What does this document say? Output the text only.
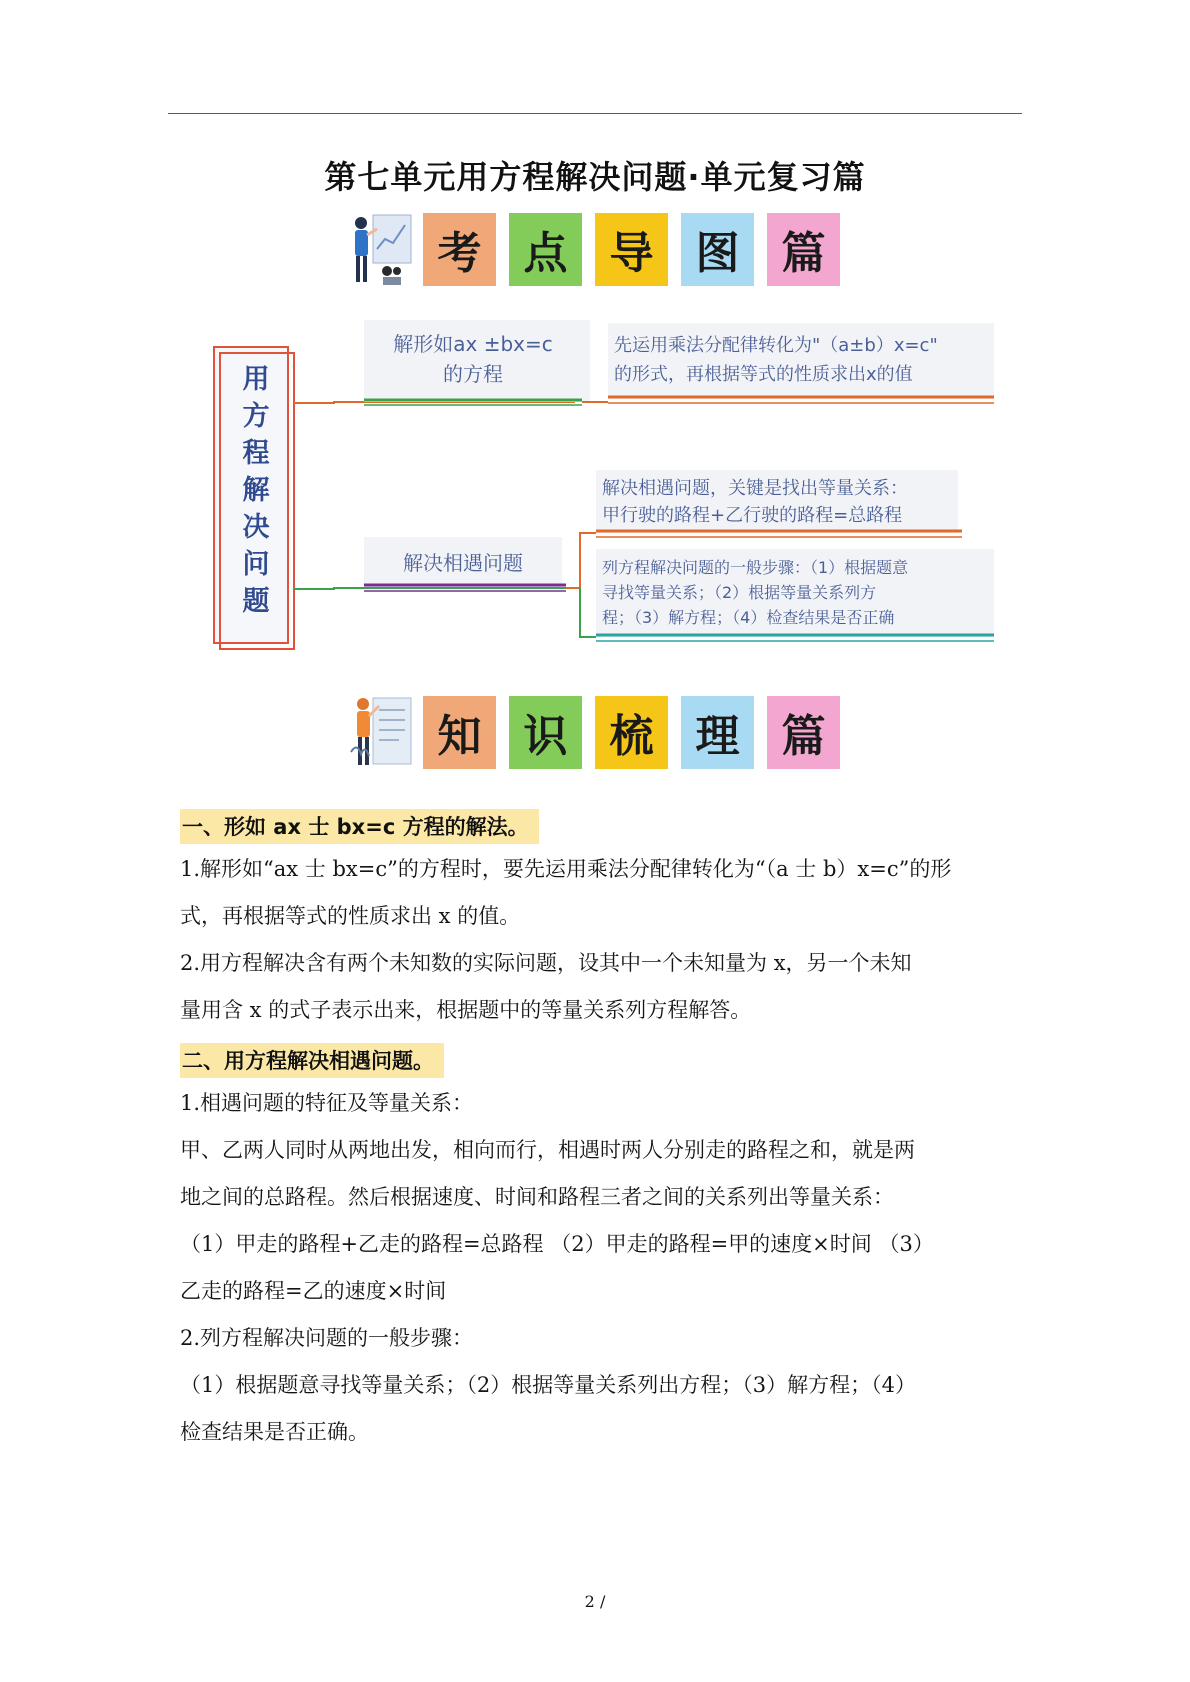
第七单元用方程解决问题·单元复习篇
考 点 导 图 篇
用
方
程
解
决
问
题
解形如ax ±bx=c
的方程
先运用乘法分配律转化为"（a±b）x=c"
的形式，再根据等式的性质求出x的值
解决相遇问题
解决相遇问题，关键是找出等量关系：
甲行驶的路程+乙行驶的路程=总路程
列方程解决问题的一般步骤：（1）根据题意
寻找等量关系；（2）根据等量关系列方
程；（3）解方程；（4）检查结果是否正确
知 识 梳 理 篇
一、形如 ax 士 bx=c 方程的解法。
1.解形如“ax 士 bx=c”的方程时，要先运用乘法分配律转化为“（a 士 b）x=c”的形
式，再根据等式的性质求出 x 的值。
2.用方程解决含有两个未知数的实际问题，设其中一个未知量为 x，另一个未知
量用含 x 的式子表示出来，根据题中的等量关系列方程解答。
二、用方程解决相遇问题。
1.相遇问题的特征及等量关系：
甲、乙两人同时从两地出发，相向而行，相遇时两人分别走的路程之和，就是两
地之间的总路程。然后根据速度、时间和路程三者之间的关系列出等量关系：
（1）甲走的路程+乙走的路程=总路程 （2）甲走的路程=甲的速度×时间 （3）
乙走的路程=乙的速度×时间
2.列方程解决问题的一般步骤：
（1）根据题意寻找等量关系；（2）根据等量关系列出方程；（3）解方程；（4）
检查结果是否正确。
2 /
